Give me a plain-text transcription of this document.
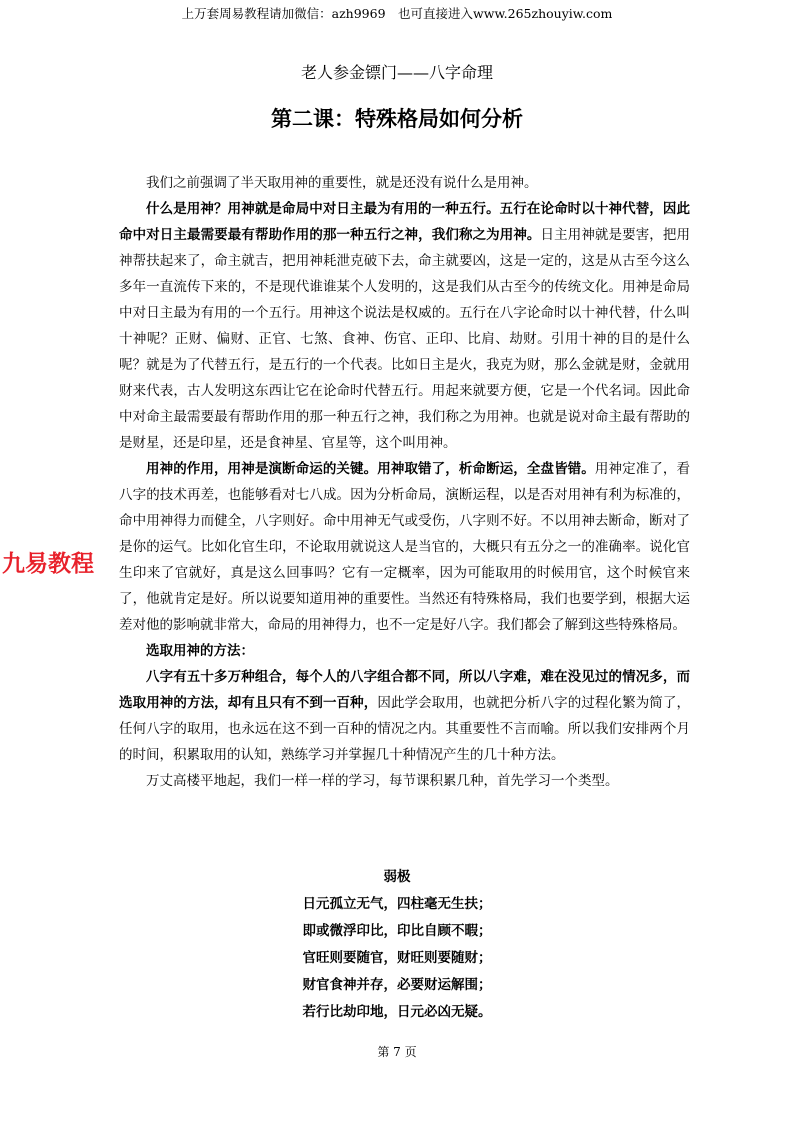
上万套周易教程请加微信：azh9969　也可直接进入www.265zhouyiw.com
老人参金镖门——八字命理
第二课：特殊格局如何分析

我们之前强调了半天取用神的重要性，就是还没有说什么是用神。

什么是用神？用神就是命局中对日主最为有用的一种五行。五行在论命时以十神代替，因此命中对日主最需要最有帮助作用的那一种五行之神，我们称之为用神。日主用神就是要害，把用神帮扶起来了，命主就吉，把用神耗泄克破下去，命主就要凶，这是一定的，这是从古至今这么多年一直流传下来的，不是现代谁谁某个人发明的，这是我们从古至今的传统文化。用神是命局中对日主最为有用的一个五行。用神这个说法是权威的。五行在八字论命时以十神代替，什么叫十神呢？正财、偏财、正官、七煞、食神、伤官、正印、比肩、劫财。引用十神的目的是什么呢？就是为了代替五行，是五行的一个代表。比如日主是火，我克为财，那么金就是财，金就用财来代表，古人发明这东西让它在论命时代替五行。用起来就要方便，它是一个代名词。因此命中对命主最需要最有帮助作用的那一种五行之神，我们称之为用神。也就是说对命主最有帮助的是财星，还是印星，还是食神星、官星等，这个叫用神。

用神的作用，用神是演断命运的关键。用神取错了，析命断运，全盘皆错。用神定准了，看八字的技术再差，也能够看对七八成。因为分析命局，演断运程，以是否对用神有利为标准的，命中用神得力而健全，八字则好。命中用神无气或受伤，八字则不好。不以用神去断命，断对了是你的运气。比如化官生印，不论取用就说这人是当官的，大概只有五分之一的准确率。说化官生印来了官就好，真是这么回事吗？它有一定概率，因为可能取用的时候用官，这个时候官来了，他就肯定是好。所以说要知道用神的重要性。当然还有特殊格局，我们也要学到，根据大运差对他的影响就非常大，命局的用神得力，也不一定是好八字。我们都会了解到这些特殊格局。

选取用神的方法：

八字有五十多万种组合，每个人的八字组合都不同，所以八字难，难在没见过的情况多，而选取用神的方法，却有且只有不到一百种，因此学会取用，也就把分析八字的过程化繁为简了，任何八字的取用，也永远在这不到一百种的情况之内。其重要性不言而喻。所以我们安排两个月的时间，积累取用的认知，熟练学习并掌握几十种情况产生的几十种方法。

万丈高楼平地起，我们一样一样的学习，每节课积累几种，首先学习一个类型。

弱极
日元孤立无气，四柱毫无生扶；
即或微浮印比，印比自顾不暇；
官旺则要随官，财旺则要随财；
财官食神并存，必要财运解围；
若行比劫印地，日元必凶无疑。
九易教程
第 7 页
